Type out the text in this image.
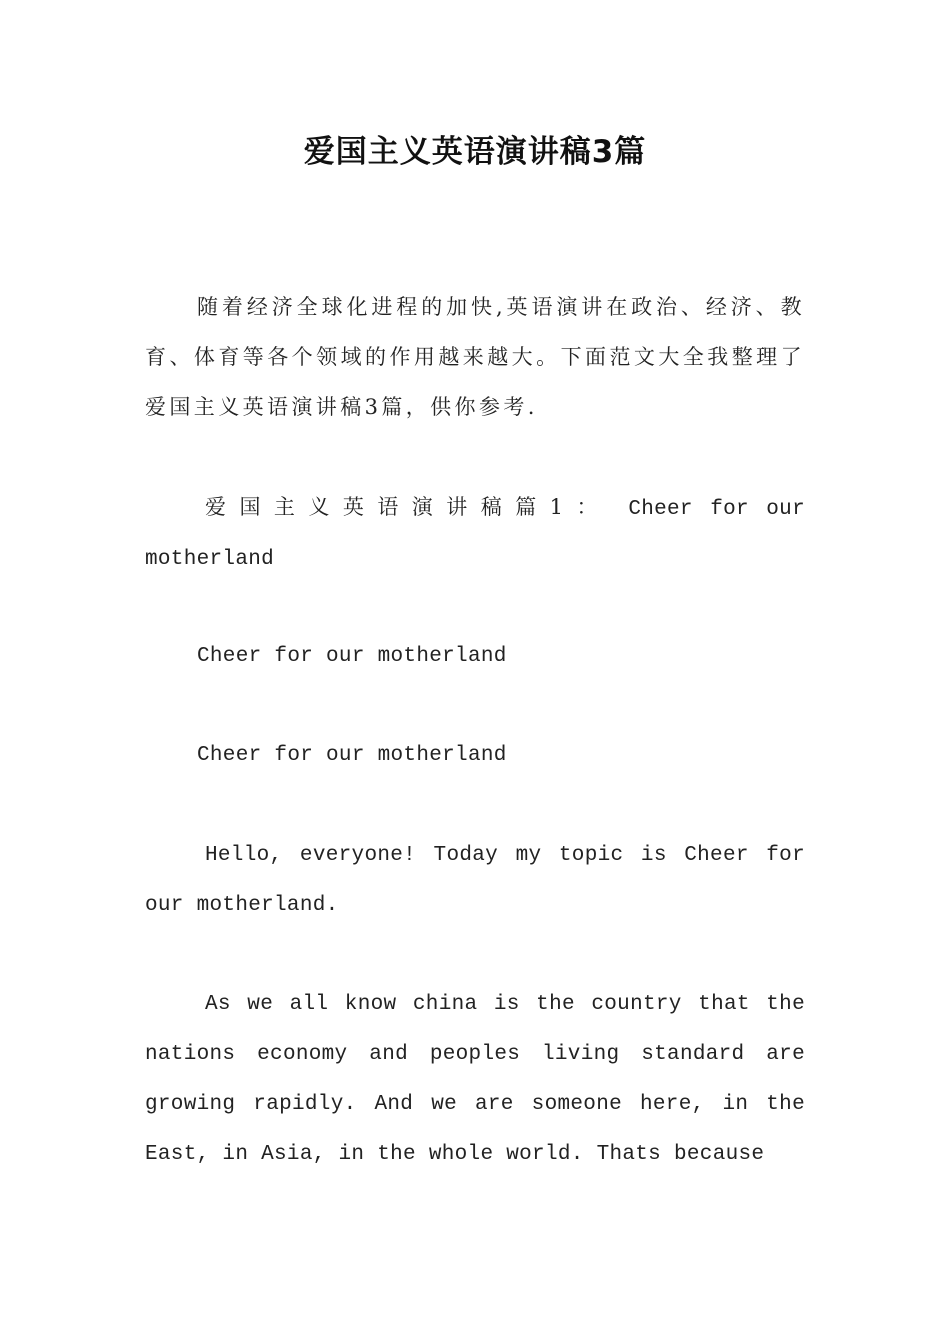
爱国主义英语演讲稿3篇
随着经济全球化进程的加快,英语演讲在政治、经济、教育、体育等各个领域的作用越来越大。下面范文大全我整理了爱国主义英语演讲稿3篇，供你参考.
爱国主义英语演讲稿篇1： Cheer for our motherland
Cheer for our motherland
Cheer for our motherland
Hello, everyone! Today my topic is Cheer for our motherland.
As we all know china is the country that the nations economy and peoples living standard are growing rapidly. And we are someone here, in the East, in Asia, in the whole world. Thats because
